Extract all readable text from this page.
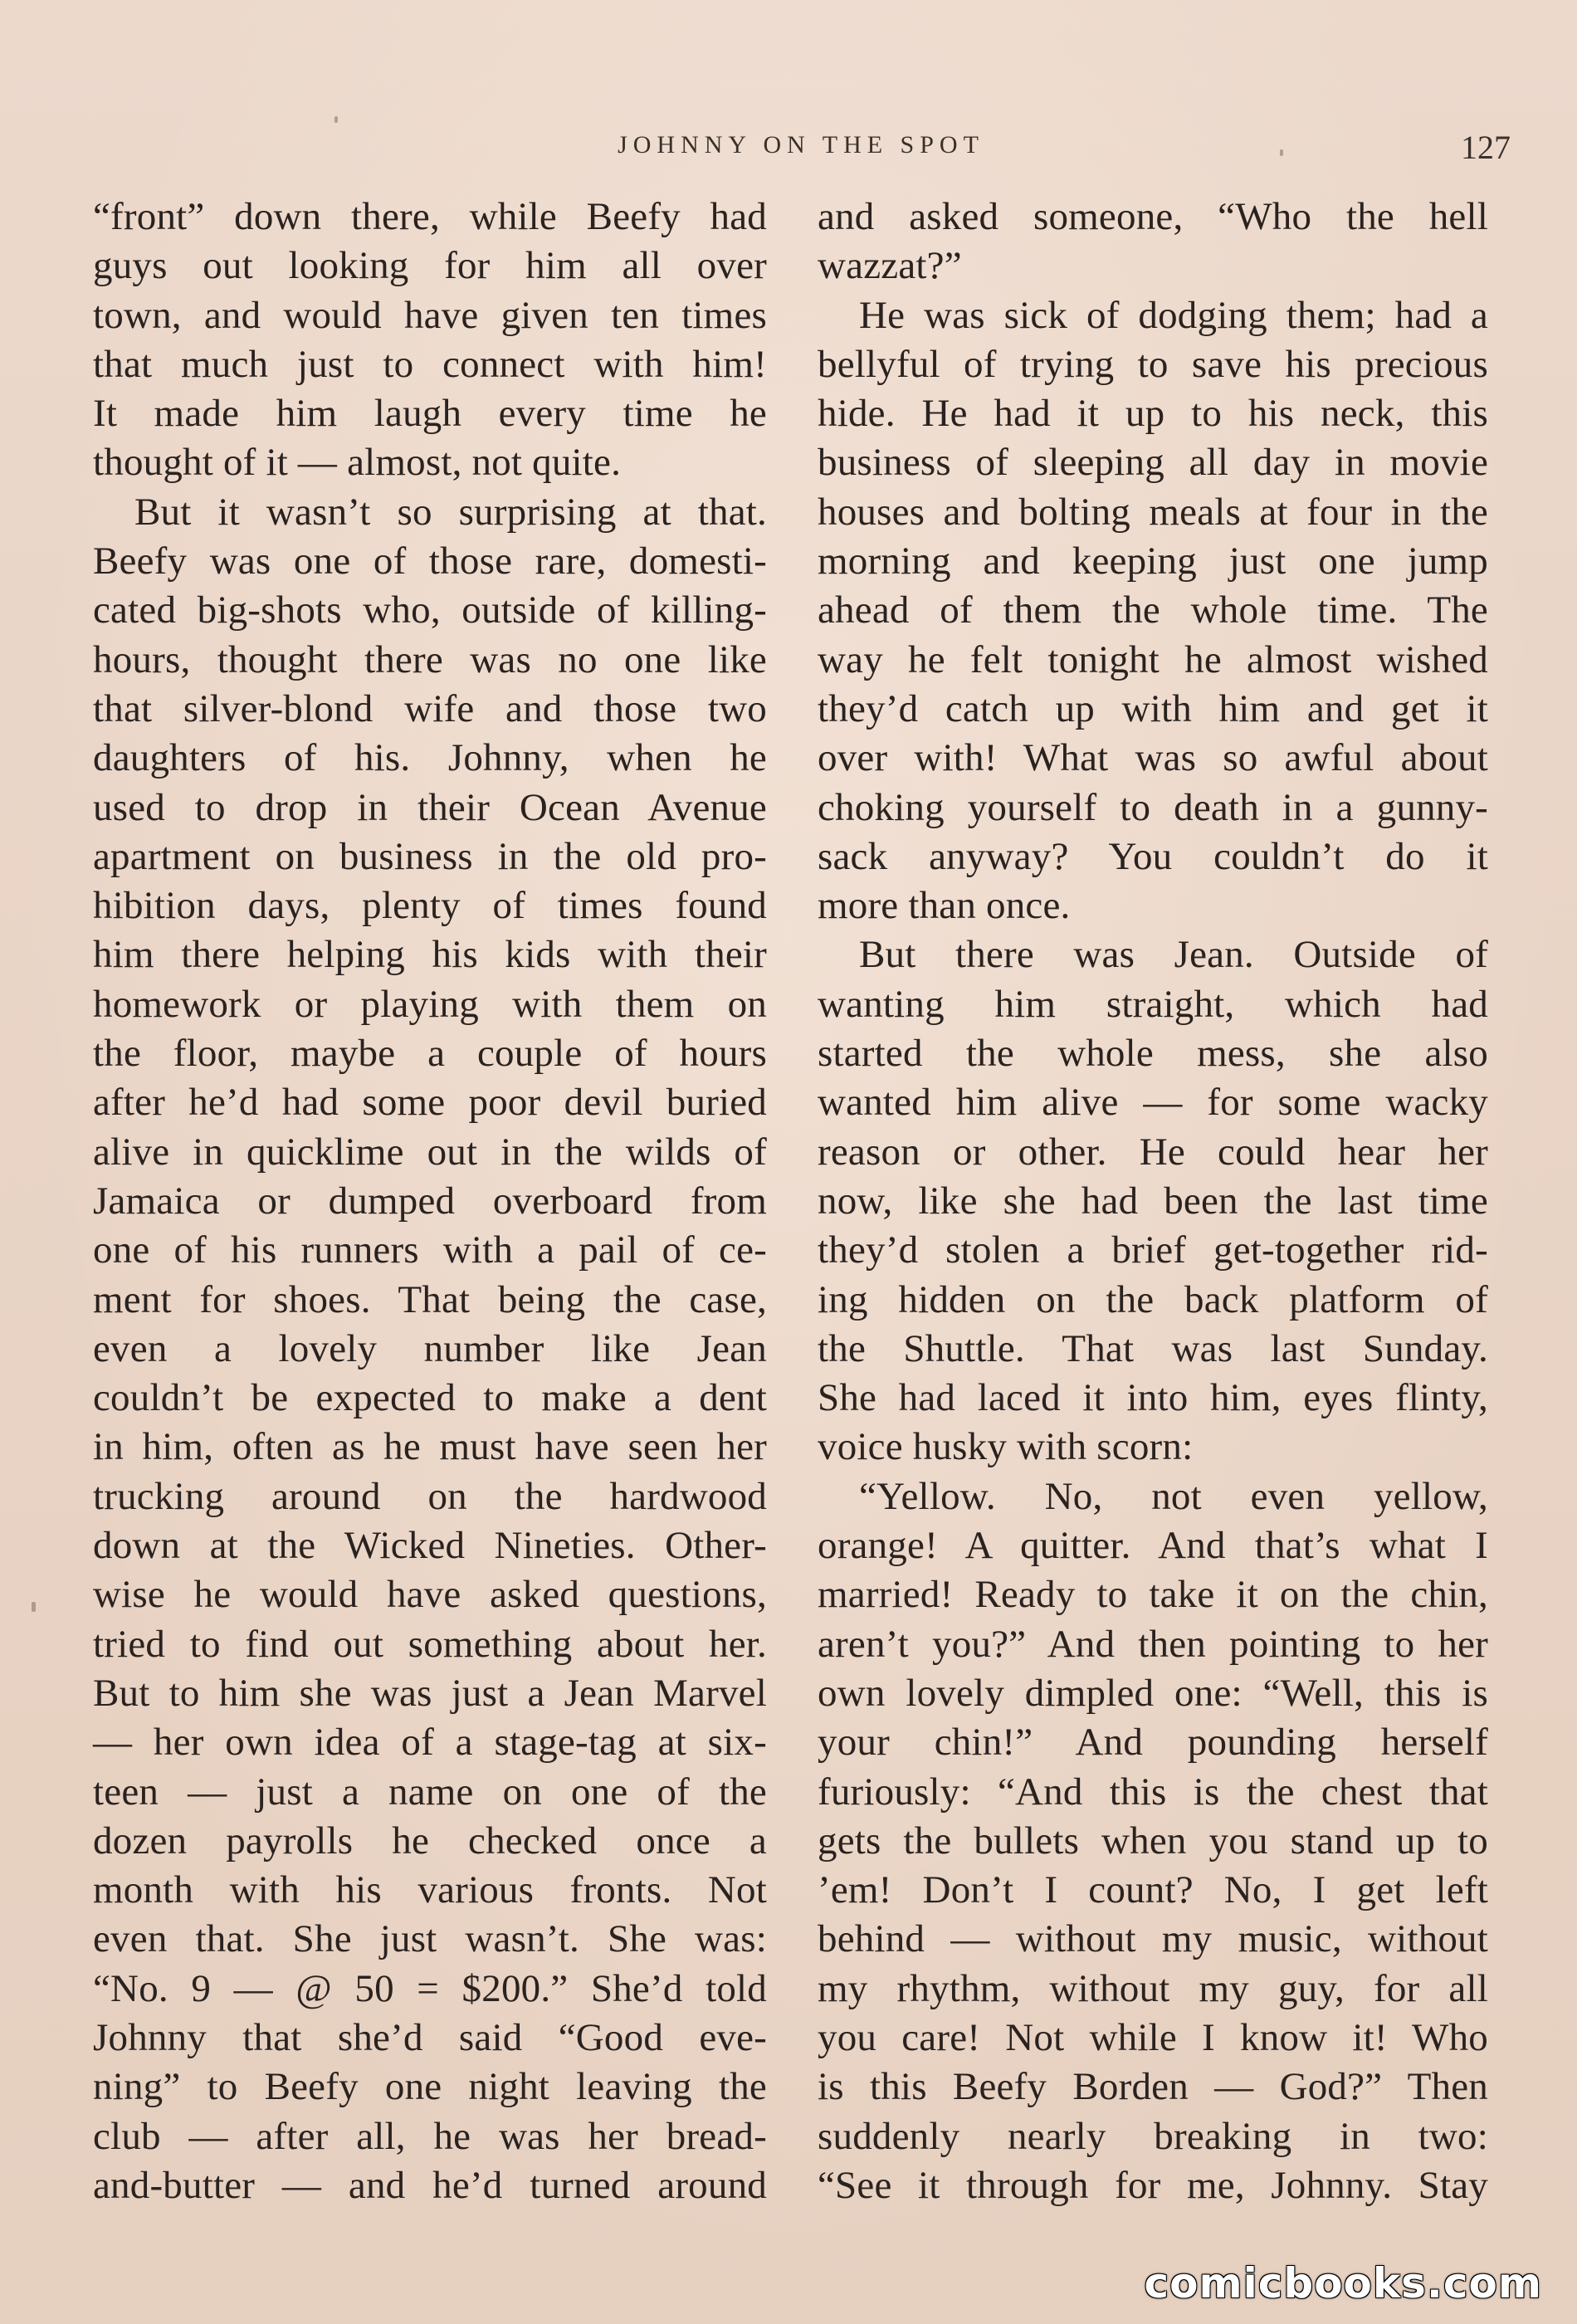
JOHNNY ON THE SPOT	127
“front” down there, while Beefy had
guys out looking for him all over
town, and would have given ten times
that much just to connect with him!
It made him laugh every time he
thought of it — almost, not quite.
But it wasn’t so surprising at that.
Beefy was one of those rare, domesti-
cated big-shots who, outside of killing-
hours, thought there was no one like
that silver-blond wife and those two
daughters of his. Johnny, when he
used to drop in their Ocean Avenue
apartment on business in the old pro-
hibition days, plenty of times found
him there helping his kids with their
homework or playing with them on
the floor, maybe a couple of hours
after he’d had some poor devil buried
alive in quicklime out in the wilds of
Jamaica or dumped overboard from
one of his runners with a pail of ce-
ment for shoes. That being the case,
even a lovely number like Jean
couldn’t be expected to make a dent
in him, often as he must have seen her
trucking around on the hardwood
down at the Wicked Nineties. Other-
wise he would have asked questions,
tried to find out something about her.
But to him she was just a Jean Marvel
— her own idea of a stage-tag at six-
teen — just a name on one of the
dozen payrolls he checked once a
month with his various fronts. Not
even that. She just wasn’t. She was:
“No. 9 — @ 50 = $200.” She’d told
Johnny that she’d said “Good eve-
ning” to Beefy one night leaving the
club — after all, he was her bread-
and-butter — and he’d turned around
and asked someone, “Who the hell
wazzat?”
He was sick of dodging them; had a
bellyful of trying to save his precious
hide. He had it up to his neck, this
business of sleeping all day in movie
houses and bolting meals at four in the
morning and keeping just one jump
ahead of them the whole time. The
way he felt tonight he almost wished
they’d catch up with him and get it
over with! What was so awful about
choking yourself to death in a gunny-
sack anyway? You couldn’t do it
more than once.
But there was Jean. Outside of
wanting him straight, which had
started the whole mess, she also
wanted him alive — for some wacky
reason or other. He could hear her
now, like she had been the last time
they’d stolen a brief get-together rid-
ing hidden on the back platform of
the Shuttle. That was last Sunday.
She had laced it into him, eyes flinty,
voice husky with scorn:
“Yellow. No, not even yellow,
orange! A quitter. And that’s what I
married! Ready to take it on the chin,
aren’t you?” And then pointing to her
own lovely dimpled one: “Well, this is
your chin!” And pounding herself
furiously: “And this is the chest that
gets the bullets when you stand up to
’em! Don’t I count? No, I get left
behind — without my music, without
my rhythm, without my guy, for all
you care! Not while I know it! Who
is this Beefy Borden — God?” Then
suddenly nearly breaking in two:
“See it through for me, Johnny. Stay
comicbooks.com
